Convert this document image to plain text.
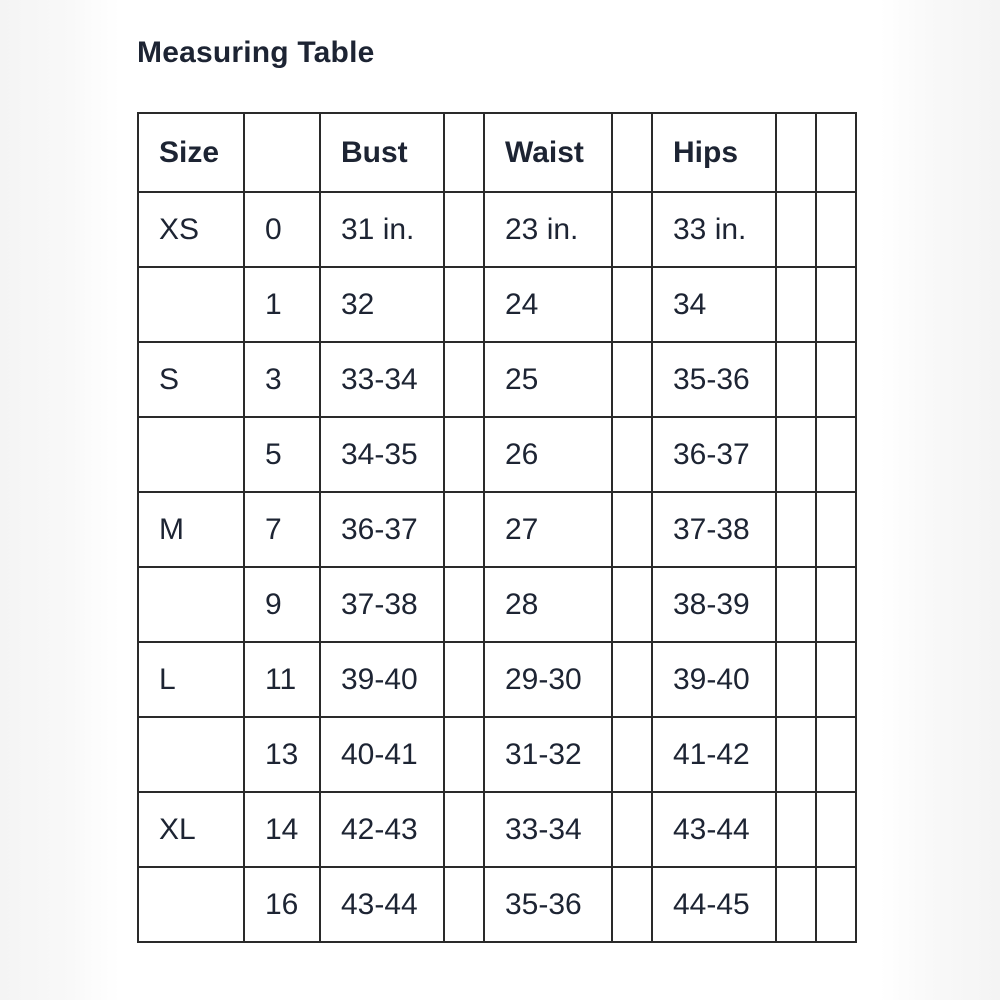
Measuring Table
Size		Bust		Waist		Hips		
XS	0	31 in.		23 in.		33 in.		
	1	32		24		34		
S	3	33-34		25		35-36		
	5	34-35		26		36-37		
M	7	36-37		27		37-38		
	9	37-38		28		38-39		
L	11	39-40		29-30		39-40		
	13	40-41		31-32		41-42		
XL	14	42-43		33-34		43-44		
	16	43-44		35-36		44-45		
